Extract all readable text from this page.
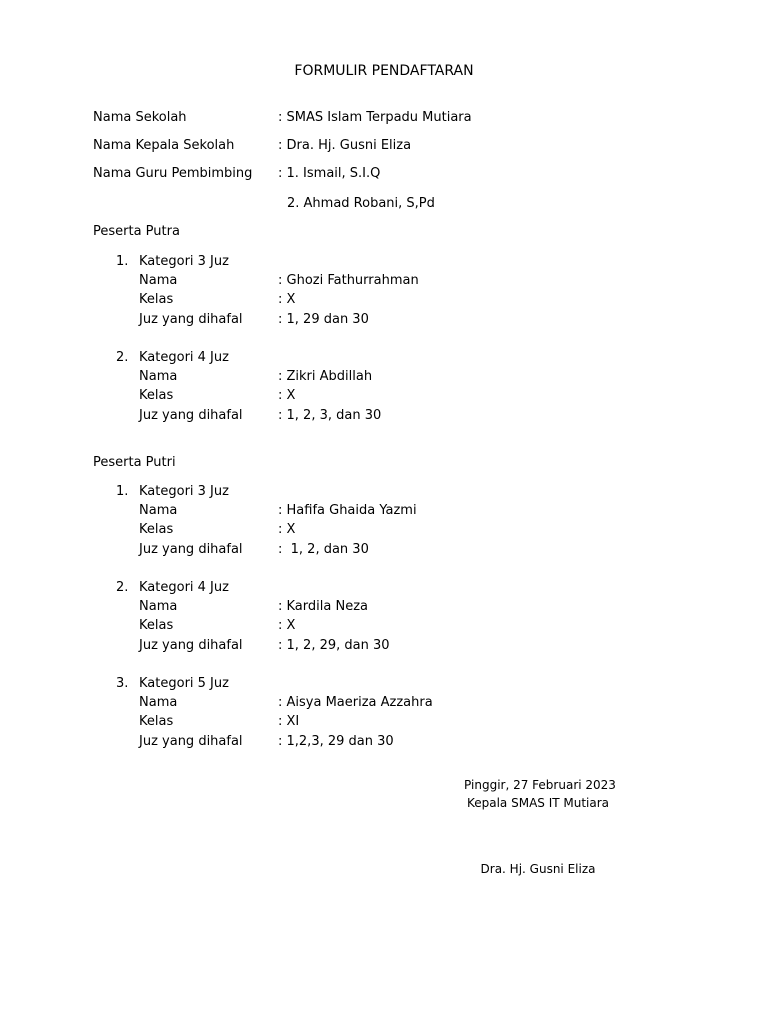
FORMULIR PENDAFTARAN
Nama Sekolah	: SMAS Islam Terpadu Mutiara
Nama Kepala Sekolah	: Dra. Hj. Gusni Eliza
Nama Guru Pembimbing : 1. Ismail, S.I.Q
2. Ahmad Robani, S,Pd
Peserta Putra
1. Kategori 3 Juz
Nama	: Ghozi Fathurrahman
Kelas	: X
Juz yang dihafal	: 1, 29 dan 30
2. Kategori 4 Juz
Nama	: Zikri Abdillah
Kelas	: X
Juz yang dihafal	: 1, 2, 3, dan 30
Peserta Putri
1. Kategori 3 Juz
Nama	: Hafifa Ghaida Yazmi
Kelas	: X
Juz yang dihafal	:  1, 2, dan 30
2. Kategori 4 Juz
Nama	: Kardila Neza
Kelas	: X
Juz yang dihafal	: 1, 2, 29, dan 30
3. Kategori 5 Juz
Nama	: Aisya Maeriza Azzahra
Kelas	: XI
Juz yang dihafal	: 1,2,3, 29 dan 30
Pinggir, 27 Februari 2023
Kepala SMAS IT Mutiara
Dra. Hj. Gusni Eliza
